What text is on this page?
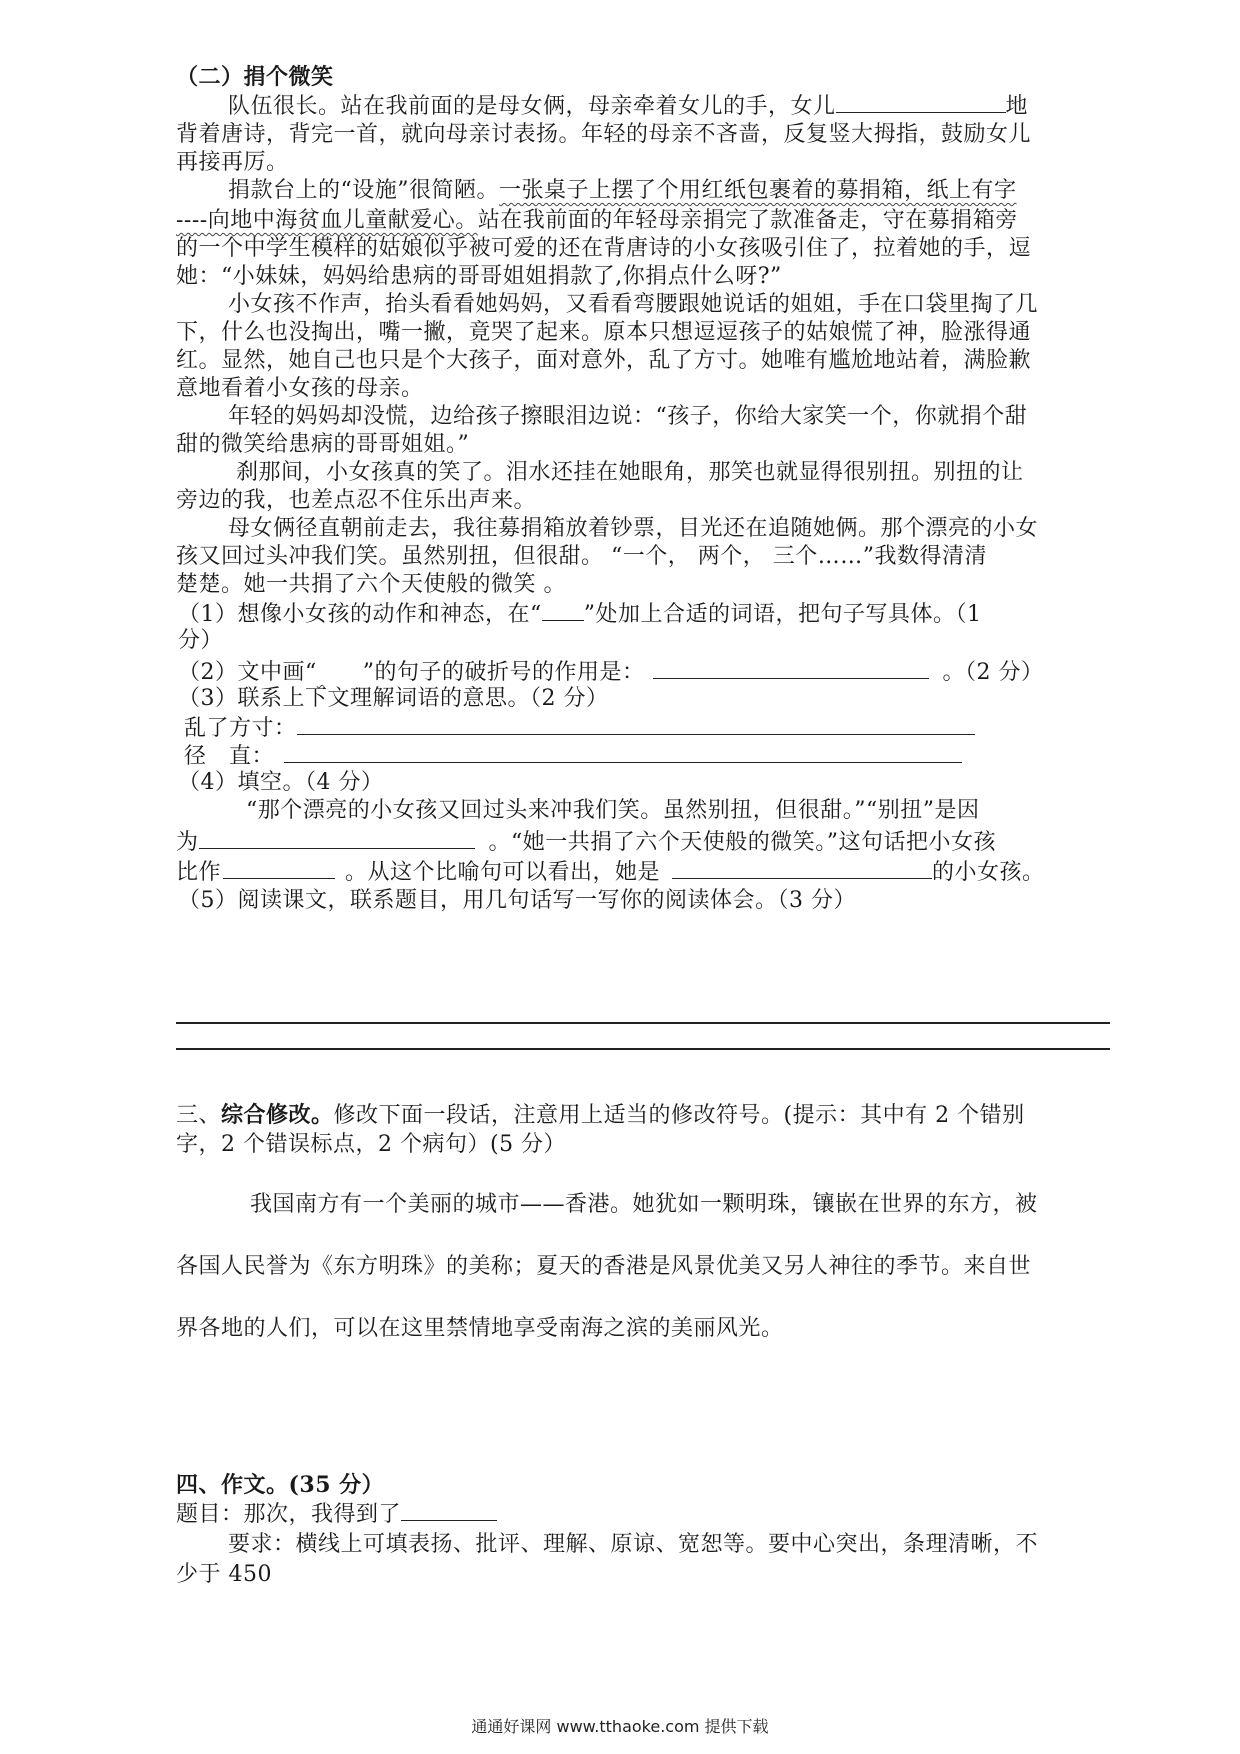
（二）捐个微笑
队伍很长。站在我前面的是母女俩，母亲牵着女儿的手，女儿	地
背着唐诗，背完一首，就向母亲讨表扬。年轻的母亲不吝啬，反复竖大拇指，鼓励女儿
再接再厉。
捐款台上的“设施”很简陋。一张桌子上摆了个用红纸包裹着的募捐箱，纸上有字
----向地中海贫血儿童献爱心。站在我前面的年轻母亲捐完了款准备走，守在募捐箱旁
的一个中学生模样的姑娘似乎被可爱的还在背唐诗的小女孩吸引住了，拉着她的手，逗
她：“小妹妹，妈妈给患病的哥哥姐姐捐款了,你捐点什么呀?”
小女孩不作声，抬头看看她妈妈，又看看弯腰跟她说话的姐姐，手在口袋里掏了几
下，什么也没掏出，嘴一撇，竟哭了起来。原本只想逗逗孩子的姑娘慌了神，脸涨得通
红。显然，她自己也只是个大孩子，面对意外，乱了方寸。她唯有尴尬地站着，满脸歉
意地看着小女孩的母亲。
年轻的妈妈却没慌，边给孩子擦眼泪边说：“孩子，你给大家笑一个，你就捐个甜
甜的微笑给患病的哥哥姐姐。”
刹那间，小女孩真的笑了。泪水还挂在她眼角，那笑也就显得很别扭。别扭的让
旁边的我，也差点忍不住乐出声来。
母女俩径直朝前走去，我往募捐箱放着钞票，目光还在追随她俩。那个漂亮的小女
孩又回过头冲我们笑。虽然别扭，但很甜。 “一个， 两个， 三个……”我数得清清
楚楚。她一共捐了六个天使般的微笑 。
（1）想像小女孩的动作和神态，在“ ”处加上合适的词语，把句子写具体。（1
分）
（2）文中画“ ”的句子的破折号的作用是：	。（2 分）
（3）联系上下文理解词语的意思。（2 分）
乱了方寸：
径　直：
（4）填空。（4 分）
“那个漂亮的小女孩又回过头来冲我们笑。虽然别扭，但很甜。”“别扭”是因
为	。“她一共捐了六个天使般的微笑。”这句话把小女孩
比作	。从这个比喻句可以看出，她是	的小女孩。
（5）阅读课文，联系题目，用几句话写一写你的阅读体会。（3 分）
三、综合修改。修改下面一段话，注意用上适当的修改符号。(提示：其中有 2 个错别
字，2 个错误标点，2 个病句）(5 分）
我国南方有一个美丽的城市——香港。她犹如一颗明珠，镶嵌在世界的东方，被
各国人民誉为《东方明珠》的美称；夏天的香港是风景优美又另人神往的季节。来自世
界各地的人们，可以在这里禁情地享受南海之滨的美丽风光。
四、作文。(35 分）
题目：那次，我得到了
要求：横线上可填表扬、批评、理解、原谅、宽恕等。要中心突出，条理清晰，不
少于 450
通通好课网 www.tthaoke.com 提供下载
